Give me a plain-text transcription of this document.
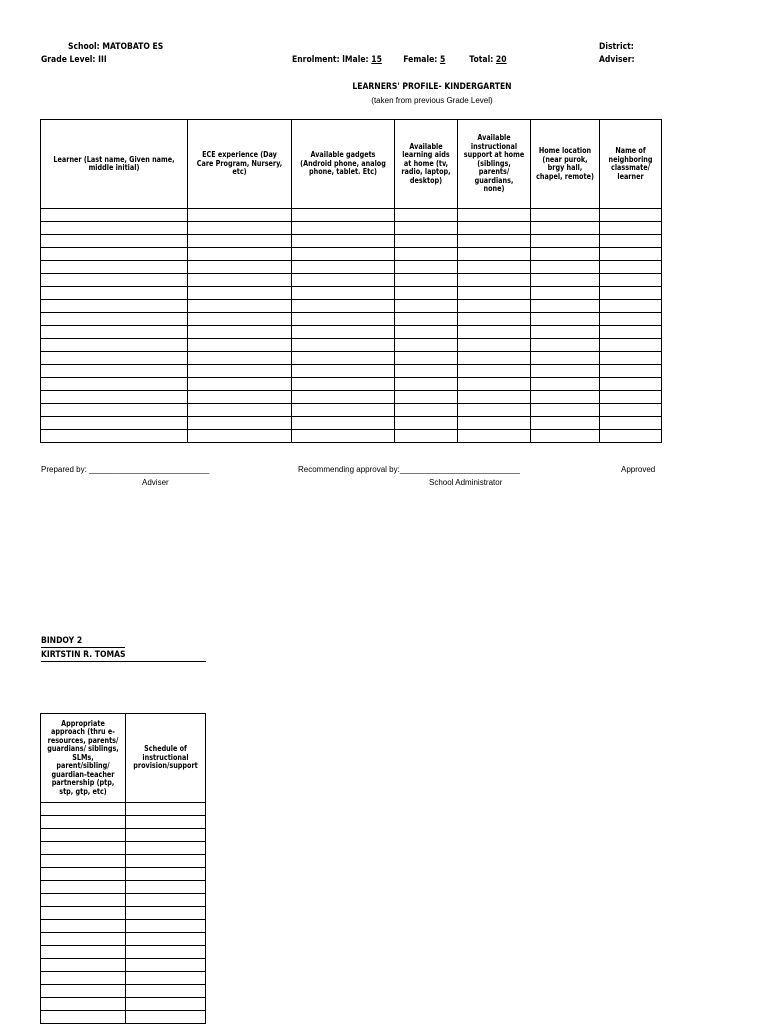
School: MATOBATO ES
Grade Level: III	Enrolment: lMale: 15 Female: 5	Total: 20
District:
Adviser:
LEARNERS' PROFILE- KINDERGARTEN
(taken from previous Grade Level)
Learner (Last name, Given name, middle initial)	ECE experience (Day Care Program, Nursery, etc)	Available gadgets (Android phone, analog phone, tablet. Etc)	Available learning aids at home (tv, radio, laptop, desktop)	Available instructional support at home (siblings, parents/ guardians, none)	Home location (near purok, brgy hall, chapel, remote)	Name of neighboring classmate/ learner

Prepared by: ___________________________
Adviser
Recommending approval by:___________________________
School Administrator
Approved
BINDOY 2
KIRTSTIN R. TOMAS
Appropriate approach (thru e-resources, parents/ guardians/ siblings, SLMs, parent/sibling/ guardian-teacher partnership (ptp, stp, gtp, etc)	Schedule of instructional provision/support
